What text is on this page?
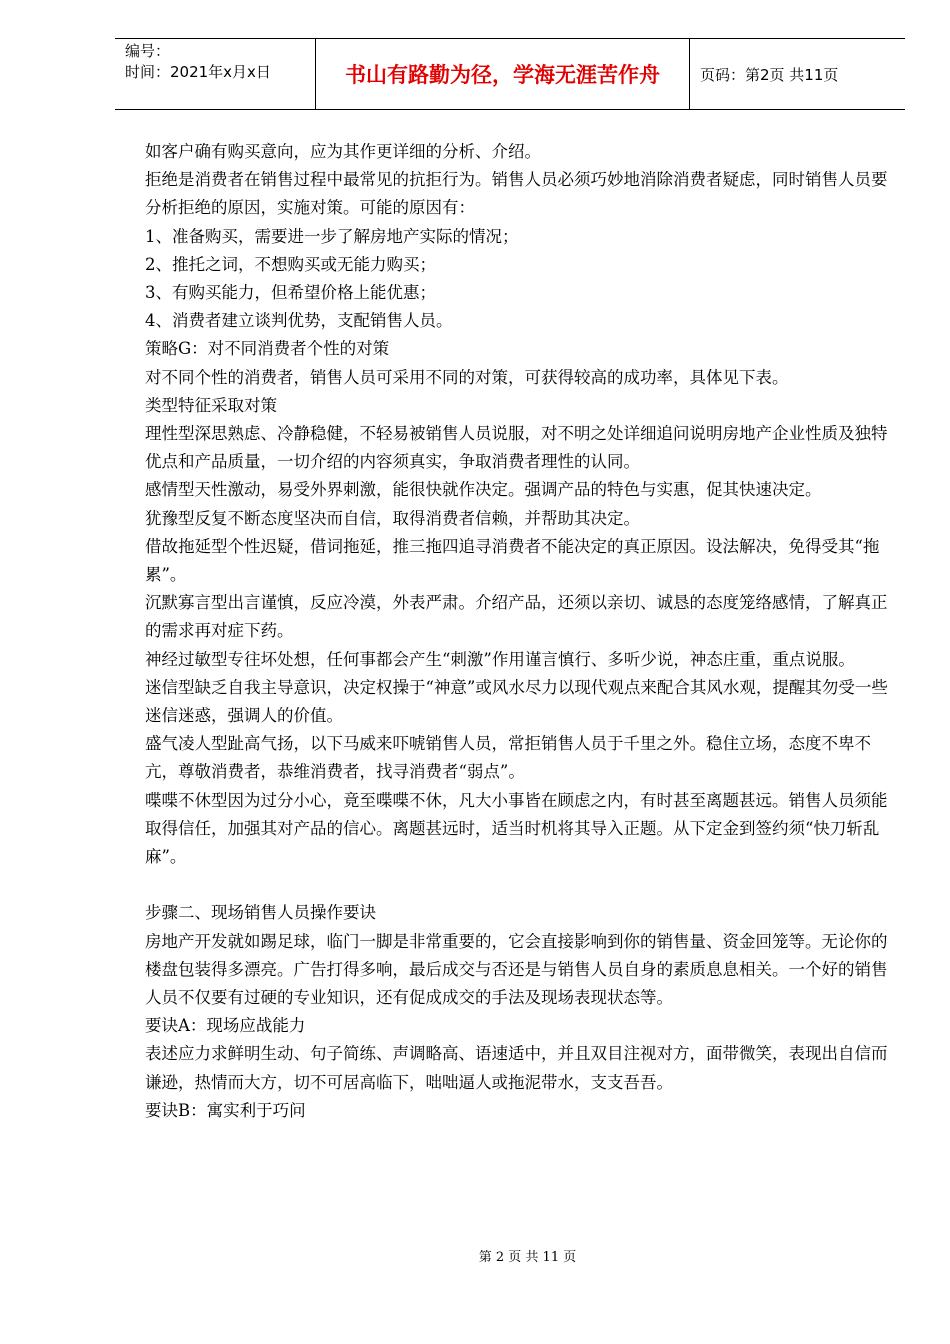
编号：
时间：2021年x月x日	书山有路勤为径，学海无涯苦作舟	页码：第2页 共11页

如客户确有购买意向，应为其作更详细的分析、介绍。

拒绝是消费者在销售过程中最常见的抗拒行为。销售人员必须巧妙地消除消费者疑虑，同时销售人员要分析拒绝的原因，实施对策。可能的原因有：

1、准备购买，需要进一步了解房地产实际的情况；

2、推托之词，不想购买或无能力购买；

3、有购买能力，但希望价格上能优惠；

4、消费者建立谈判优势，支配销售人员。

策略G：对不同消费者个性的对策

对不同个性的消费者，销售人员可采用不同的对策，可获得较高的成功率，具体见下表。

类型特征采取对策

理性型深思熟虑、冷静稳健，不轻易被销售人员说服，对不明之处详细追问说明房地产企业性质及独特优点和产品质量，一切介绍的内容须真实，争取消费者理性的认同。

感情型天性激动，易受外界刺激，能很快就作决定。强调产品的特色与实惠，促其快速决定。

犹豫型反复不断态度坚决而自信，取得消费者信赖，并帮助其决定。

借故拖延型个性迟疑，借词拖延，推三拖四追寻消费者不能决定的真正原因。设法解决，免得受其“拖累”。

沉默寡言型出言谨慎，反应冷漠，外表严肃。介绍产品，还须以亲切、诚恳的态度笼络感情，了解真正的需求再对症下药。

神经过敏型专往坏处想，任何事都会产生“刺激”作用谨言慎行、多听少说，神态庄重，重点说服。

迷信型缺乏自我主导意识，决定权操于“神意”或风水尽力以现代观点来配合其风水观，提醒其勿受一些迷信迷惑，强调人的价值。

盛气凌人型趾高气扬，以下马威来吓唬销售人员，常拒销售人员于千里之外。稳住立场，态度不卑不亢，尊敬消费者，恭维消费者，找寻消费者“弱点”。

喋喋不休型因为过分小心，竟至喋喋不休，凡大小事皆在顾虑之内，有时甚至离题甚远。销售人员须能取得信任，加强其对产品的信心。离题甚远时，适当时机将其导入正题。从下定金到签约须“快刀斩乱麻”。

步骤二、现场销售人员操作要诀

房地产开发就如踢足球，临门一脚是非常重要的，它会直接影响到你的销售量、资金回笼等。无论你的楼盘包装得多漂亮。广告打得多响，最后成交与否还是与销售人员自身的素质息息相关。一个好的销售人员不仅要有过硬的专业知识，还有促成成交的手法及现场表现状态等。

要诀A：现场应战能力

表述应力求鲜明生动、句子简练、声调略高、语速适中，并且双目注视对方，面带微笑，表现出自信而谦逊，热情而大方，切不可居高临下，咄咄逼人或拖泥带水，支支吾吾。

要诀B：寓实利于巧问

第 2 页 共 11 页
